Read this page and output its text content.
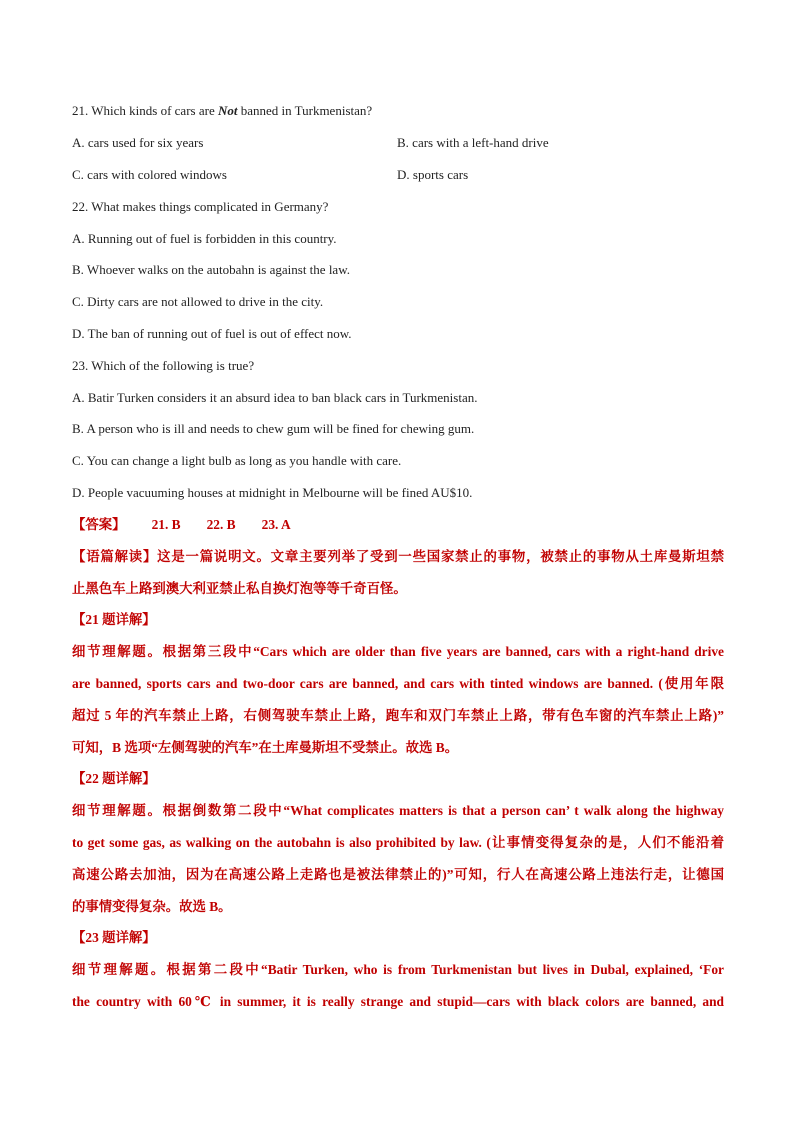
21. Which kinds of cars are Not banned in Turkmenistan?
A. cars used for six years	B. cars with a left-hand drive
C. cars with colored windows	D. sports cars
22. What makes things complicated in Germany?
A. Running out of fuel is forbidden in this country.
B. Whoever walks on the autobahn is against the law.
C. Dirty cars are not allowed to drive in the city.
D. The ban of running out of fuel is out of effect now.
23. Which of the following is true?
A. Batir Turken considers it an absurd idea to ban black cars in Turkmenistan.
B. A person who is ill and needs to chew gum will be fined for chewing gum.
C. You can change a light bulb as long as you handle with care.
D. People vacuuming houses at midnight in Melbourne will be fined AU$10.
【答案】 21. B 22. B 23. A
【语篇解读】这是一篇说明文。文章主要列举了受到一些国家禁止的事物，被禁止的事物从土库曼斯坦禁
止黑色车上路到澳大利亚禁止私自换灯泡等等千奇百怪。
【21 题详解】
细节理解题。根据第三段中“Cars which are older than five years are banned, cars with a right-hand drive
are banned, sports cars and two-door cars are banned, and cars with tinted windows are banned. (使用年限
超过 5 年的汽车禁止上路，右侧驾驶车禁止上路，跑车和双门车禁止上路，带有色车窗的汽车禁止上路)”
可知，B 选项“左侧驾驶的汽车”在土库曼斯坦不受禁止。故选 B。
【22 题详解】
细节理解题。根据倒数第二段中“What complicates matters is that a person can’ t walk along the highway
to get some gas, as walking on the autobahn is also prohibited by law. (让事情变得复杂的是，人们不能沿着
高速公路去加油，因为在高速公路上走路也是被法律禁止的)”可知，行人在高速公路上违法行走，让德国
的事情变得复杂。故选 B。
【23 题详解】
细节理解题。根据第二段中“Batir Turken, who is from Turkmenistan but lives in Dubal, explained, ‘For
the country with 60℃ in summer, it is really strange and stupid—cars with black colors are banned, and
